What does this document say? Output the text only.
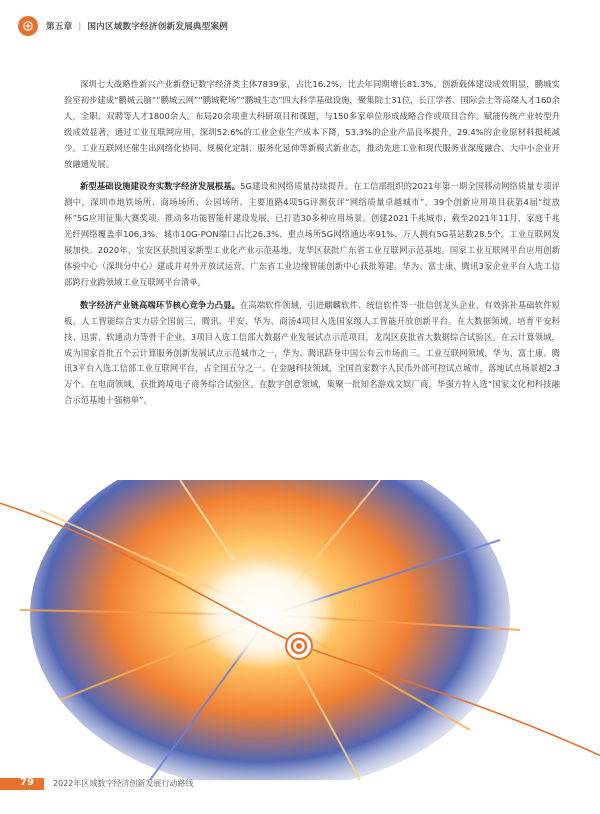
第五章 | 国内区域数字经济创新发展典型案例

深圳七大战略性新兴产业新登记数字经济类主体7839家，占比16.2%，比去年同期增长81.3%。创新载体建设成效明显，鹏城实验室初步建成“鹏城云脑”“鹏城云网”“鹏城靶场”“鹏城生态”四大科学基础设施，聚集院士31位，长江学者、国际会士等高端人才160余人，全职、双聘等人才1800余人。布局20余项重大科研项目和课题，与150多家单位形成战略合作或项目合作。赋能传统产业转型升级成效显著，通过工业互联网应用，深圳52.6%的工业企业生产成本下降，53.3%的企业产品良率提升，29.4%的企业原材料损耗减少。工业互联网还催生出网络化协同、规模化定制、服务化延伸等新模式新业态，推动先进工业和现代服务业深度融合、大中小企业开放融通发展。

新型基础设施建设夯实数字经济发展根基。5G建设和网络质量持续提升。在工信部组织的2021年第一期全国移动网络质量专项评测中，深圳市地铁场所、商场场所、公园场所、主要道路4项5G评测获评“网络质量卓越城市”，39个创新应用项目获第4届“绽放杯”5G应用征集大赛奖项。推动多功能智能杆建设发展，已打造30多种应用场景。创建2021千兆城市，截至2021年11月，家庭千兆光纤网络覆盖率106.3%、城市10G-PON端口占比26.3%、重点场所5G网络通达率91%、万人拥有5G基站数28.5个。工业互联网发展加快。2020年，宝安区获批国家新型工业化产业示范基地，龙华区获批广东省工业互联网示范基地。国家工业互联网平台应用创新体验中心（深圳分中心）建成并对外开放试运营，广东省工业边缘智能创新中心获批筹建。华为、富士康、腾讯3家企业平台入选工信部跨行业跨领域工业互联网平台清单。

数字经济产业链高端环节核心竞争力凸显。在高端软件领域，引进麒麟软件、统信软件等一批信创龙头企业，有效弥补基础软件短板。人工智能综合实力居全国前三，腾讯、平安、华为、商汤4项目入选国家级人工智能开放创新平台。在大数据领域，培育平安科技、迅雷、软通动力等骨干企业，3项目入选工信部大数据产业发展试点示范项目，龙岗区获批省大数据综合试验区。在云计算领域，成为国家首批五个云计算服务创新发展试点示范城市之一，华为、腾讯跻身中国公有云市场前三。工业互联网领域，华为、富士康、腾讯3平台入选工信部工业互联网平台，占全国五分之一。在金融科技领域，全国首家数字人民币外部可控试点城市，落地试点场景超2.3万个。在电商领域，获批跨境电子商务综合试验区。在数字创意领域，集聚一批知名游戏文娱厂商，华强方特入选“国家文化和科技融合示范基地十强榜单”。

79 2022年区域数字经济创新发展行动路线
